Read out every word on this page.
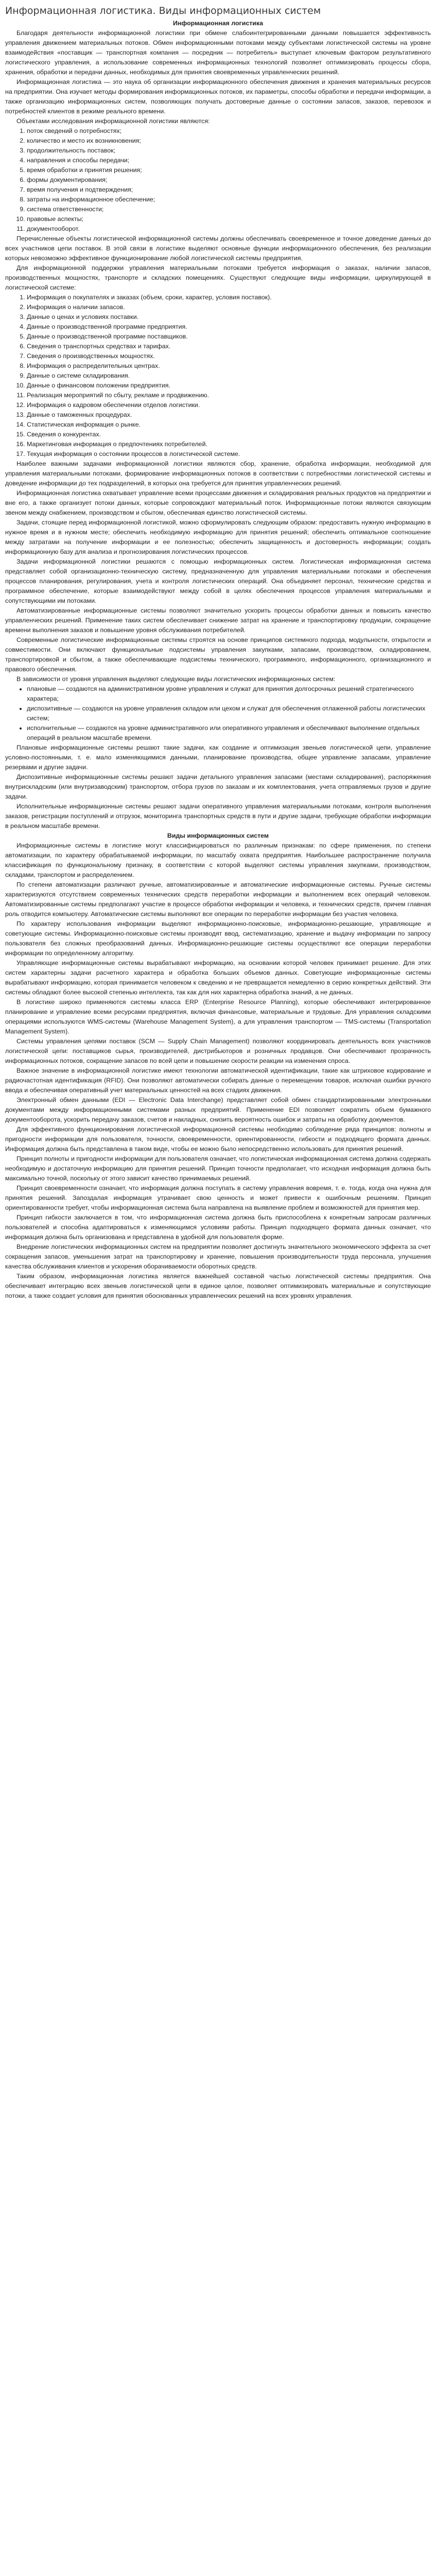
Информационная логистика. Виды информационных систем

Информационная логистика

Благодаря деятельности информационной логистики при обмене слабоинтегрированными данными повышается эффективность управления движением материальных потоков. Обмен информационными потоками между субъектами логистической системы на уровне взаимодействия «поставщик — транспортная компания — посредник — потребитель» выступает ключевым фактором результативного логистического управления, а использование современных информационных технологий позволяет оптимизировать процессы сбора, хранения, обработки и передачи данных, необходимых для принятия своевременных управленческих решений.

Информационная логистика — это наука об организации информационного обеспечения движения и хранения материальных ресурсов на предприятии. Она изучает методы формирования информационных потоков, их параметры, способы обработки и передачи информации, а также организацию информационных систем, позволяющих получать достоверные данные о состоянии запасов, заказов, перевозок и потребностей клиентов в режиме реального времени.

Объектами исследования информационной логистики являются:

1. поток сведений о потребностях;
2. количество и место их возникновения;
3. продолжительность поставок;
4. направления и способы передачи;
5. время обработки и принятия решения;
6. формы документирования;
7. время получения и подтверждения;
8. затраты на информационное обеспечение;
9. система ответственности;
10. правовые аспекты;
11. документооборот.

Перечисленные объекты логистической информационной системы должны обеспечивать своевременное и точное доведение данных до всех участников цепи поставок. В этой связи в логистике выделяют основные функции информационного обеспечения, без реализации которых невозможно эффективное функционирование любой логистической системы предприятия.

Для информационной поддержки управления материальными потоками требуется информация о заказах, наличии запасов, производственных мощностях, транспорте и складских помещениях. Существуют следующие виды информации, циркулирующей в логистической системе:

1. Информация о покупателях и заказах (объем, сроки, характер, условия поставок).
2. Информация о наличии запасов.
3. Данные о ценах и условиях поставки.
4. Данные о производственной программе предприятия.
5. Данные о производственной программе поставщиков.
6. Сведения о транспортных средствах и тарифах.
7. Сведения о производственных мощностях.
8. Информация о распределительных центрах.
9. Данные о системе складирования.
10. Данные о финансовом положении предприятия.
11. Реализация мероприятий по сбыту, рекламе и продвижению.
12. Информация о кадровом обеспечении отделов логистики.
13. Данные о таможенных процедурах.
14. Статистическая информация о рынке.
15. Сведения о конкурентах.
16. Маркетинговая информация о предпочтениях потребителей.
17. Текущая информация о состоянии процессов в логистической системе.

Наиболее важными задачами информационной логистики являются сбор, хранение, обработка информации, необходимой для управления материальными потоками, формирование информационных потоков в соответствии с потребностями логистической системы и доведение информации до тех подразделений, в которых она требуется для принятия управленческих решений.

Информационная логистика охватывает управление всеми процессами движения и складирования реальных продуктов на предприятии и вне его, а также организует потоки данных, которые сопровождают материальный поток. Информационные потоки являются связующим звеном между снабжением, производством и сбытом, обеспечивая единство логистической системы.

Задачи, стоящие перед информационной логистикой, можно сформулировать следующим образом: предоставить нужную информацию в нужное время и в нужном месте; обеспечить необходимую информацию для принятия решений; обеспечить оптимальное соотношение между затратами на получение информации и ее полезностью; обеспечить защищенность и достоверность информации; создать информационную базу для анализа и прогнозирования логистических процессов.

Задачи информационной логистики решаются с помощью информационных систем. Логистическая информационная система представляет собой организационно-техническую систему, предназначенную для управления материальными потоками и обеспечения процессов планирования, регулирования, учета и контроля логистических операций. Она объединяет персонал, технические средства и программное обеспечение, которые взаимодействуют между собой в целях обеспечения процессов управления материальными и сопутствующими им потоками.

Автоматизированные информационные системы позволяют значительно ускорить процессы обработки данных и повысить качество управленческих решений. Применение таких систем обеспечивает снижение затрат на хранение и транспортировку продукции, сокращение времени выполнения заказов и повышение уровня обслуживания потребителей.

Современные логистические информационные системы строятся на основе принципов системного подхода, модульности, открытости и совместимости. Они включают функциональные подсистемы управления закупками, запасами, производством, складированием, транспортировкой и сбытом, а также обеспечивающие подсистемы технического, программного, информационного, организационного и правового обеспечения.

В зависимости от уровня управления выделяют следующие виды логистических информационных систем:

• плановые — создаются на административном уровне управления и служат для принятия долгосрочных решений стратегического характера;
• диспозитивные — создаются на уровне управления складом или цехом и служат для обеспечения отлаженной работы логистических систем;
• исполнительные — создаются на уровне административного или оперативного управления и обеспечивают выполнение отдельных операций в реальном масштабе времени.

Плановые информационные системы решают такие задачи, как создание и оптимизация звеньев логистической цепи, управление условно-постоянными, т. е. мало изменяющимися данными, планирование производства, общее управление запасами, управление резервами и другие задачи.

Диспозитивные информационные системы решают задачи детального управления запасами (местами складирования), распоряжения внутрискладским (или внутризаводским) транспортом, отбора грузов по заказам и их комплектования, учета отправляемых грузов и другие задачи.

Исполнительные информационные системы решают задачи оперативного управления материальными потоками, контроля выполнения заказов, регистрации поступлений и отгрузок, мониторинга транспортных средств в пути и другие задачи, требующие обработки информации в реальном масштабе времени.

Виды информационных систем

Информационные системы в логистике могут классифицироваться по различным признакам: по сфере применения, по степени автоматизации, по характеру обрабатываемой информации, по масштабу охвата предприятия. Наибольшее распространение получила классификация по функциональному признаку, в соответствии с которой выделяют системы управления закупками, производством, складами, транспортом и распределением.

По степени автоматизации различают ручные, автоматизированные и автоматические информационные системы. Ручные системы характеризуются отсутствием современных технических средств переработки информации и выполнением всех операций человеком. Автоматизированные системы предполагают участие в процессе обработки информации и человека, и технических средств, причем главная роль отводится компьютеру. Автоматические системы выполняют все операции по переработке информации без участия человека.

По характеру использования информации выделяют информационно-поисковые, информационно-решающие, управляющие и советующие системы. Информационно-поисковые системы производят ввод, систематизацию, хранение и выдачу информации по запросу пользователя без сложных преобразований данных. Информационно-решающие системы осуществляют все операции переработки информации по определенному алгоритму.

Управляющие информационные системы вырабатывают информацию, на основании которой человек принимает решение. Для этих систем характерны задачи расчетного характера и обработка больших объемов данных. Советующие информационные системы вырабатывают информацию, которая принимается человеком к сведению и не превращается немедленно в серию конкретных действий. Эти системы обладают более высокой степенью интеллекта, так как для них характерна обработка знаний, а не данных.

В логистике широко применяются системы класса ERP (Enterprise Resource Planning), которые обеспечивают интегрированное планирование и управление всеми ресурсами предприятия, включая финансовые, материальные и трудовые. Для управления складскими операциями используются WMS-системы (Warehouse Management System), а для управления транспортом — TMS-системы (Transportation Management System).

Системы управления цепями поставок (SCM — Supply Chain Management) позволяют координировать деятельность всех участников логистической цепи: поставщиков сырья, производителей, дистрибьюторов и розничных продавцов. Они обеспечивают прозрачность информационных потоков, сокращение запасов по всей цепи и повышение скорости реакции на изменения спроса.

Важное значение в информационной логистике имеют технологии автоматической идентификации, такие как штриховое кодирование и радиочастотная идентификация (RFID). Они позволяют автоматически собирать данные о перемещении товаров, исключая ошибки ручного ввода и обеспечивая оперативный учет материальных ценностей на всех стадиях движения.

Электронный обмен данными (EDI — Electronic Data Interchange) представляет собой обмен стандартизированными электронными документами между информационными системами разных предприятий. Применение EDI позволяет сократить объем бумажного документооборота, ускорить передачу заказов, счетов и накладных, снизить вероятность ошибок и затраты на обработку документов.

Для эффективного функционирования логистической информационной системы необходимо соблюдение ряда принципов: полноты и пригодности информации для пользователя, точности, своевременности, ориентированности, гибкости и подходящего формата данных. Информация должна быть представлена в таком виде, чтобы ее можно было непосредственно использовать для принятия решений.

Принцип полноты и пригодности информации для пользователя означает, что логистическая информационная система должна содержать необходимую и достаточную информацию для принятия решений. Принцип точности предполагает, что исходная информация должна быть максимально точной, поскольку от этого зависит качество принимаемых решений.

Принцип своевременности означает, что информация должна поступать в систему управления вовремя, т. е. тогда, когда она нужна для принятия решений. Запоздалая информация утрачивает свою ценность и может привести к ошибочным решениям. Принцип ориентированности требует, чтобы информационная система была направлена на выявление проблем и возможностей для принятия мер.

Принцип гибкости заключается в том, что информационная система должна быть приспособлена к конкретным запросам различных пользователей и способна адаптироваться к изменяющимся условиям работы. Принцип подходящего формата данных означает, что информация должна быть организована и представлена в удобной для пользователя форме.

Внедрение логистических информационных систем на предприятии позволяет достигнуть значительного экономического эффекта за счет сокращения запасов, уменьшения затрат на транспортировку и хранение, повышения производительности труда персонала, улучшения качества обслуживания клиентов и ускорения оборачиваемости оборотных средств.

Таким образом, информационная логистика является важнейшей составной частью логистической системы предприятия. Она обеспечивает интеграцию всех звеньев логистической цепи в единое целое, позволяет оптимизировать материальные и сопутствующие потоки, а также создает условия для принятия обоснованных управленческих решений на всех уровнях управления.
